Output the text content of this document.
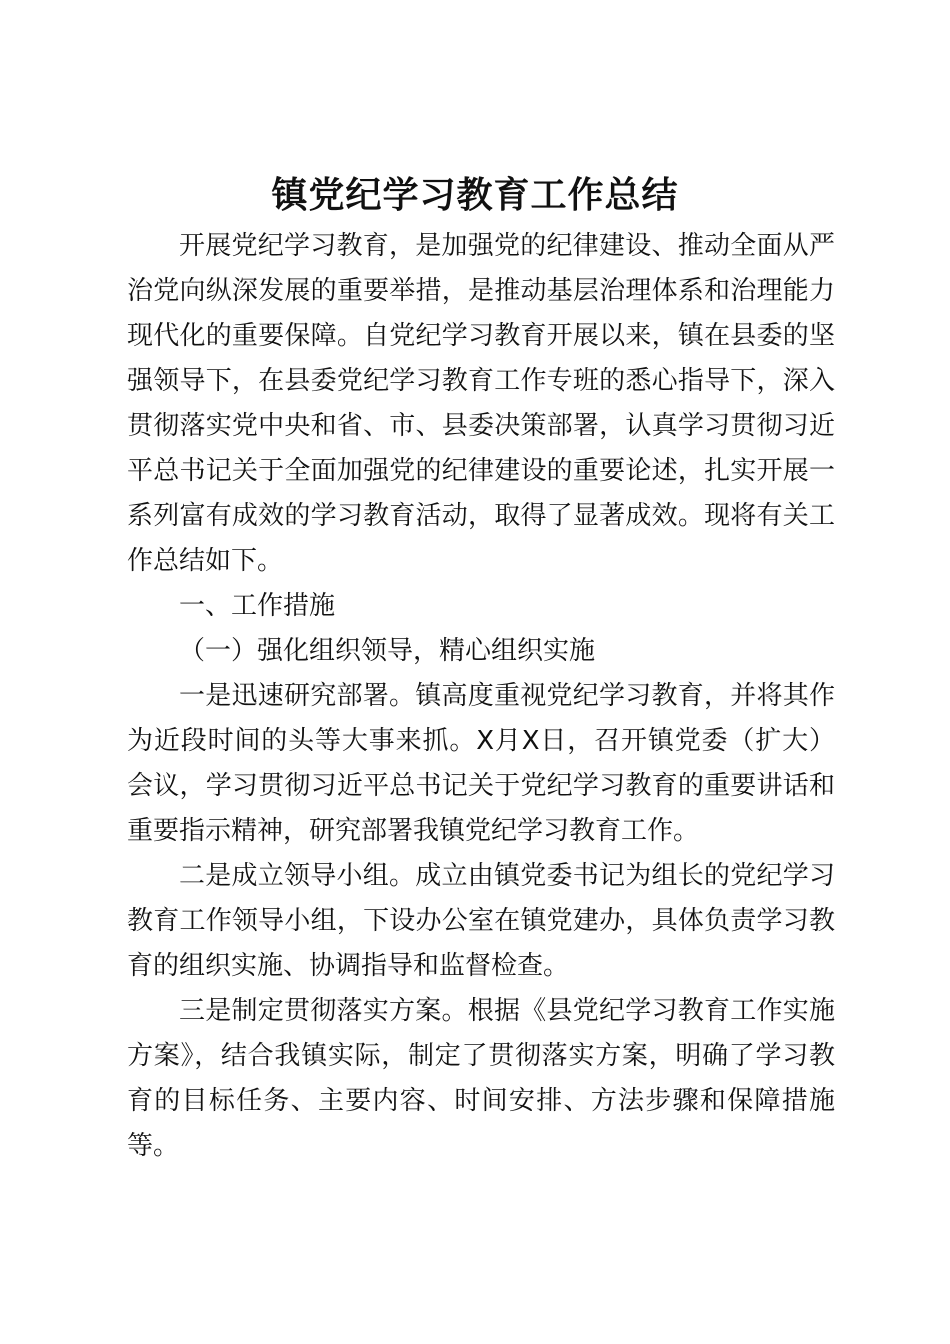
镇党纪学习教育工作总结

开展党纪学习教育，是加强党的纪律建设、推动全面从严治党向纵深发展的重要举措，是推动基层治理体系和治理能力现代化的重要保障。自党纪学习教育开展以来，镇在县委的坚强领导下，在县委党纪学习教育工作专班的悉心指导下，深入贯彻落实党中央和省、市、县委决策部署，认真学习贯彻习近平总书记关于全面加强党的纪律建设的重要论述，扎实开展一系列富有成效的学习教育活动，取得了显著成效。现将有关工作总结如下。

一、工作措施

（一）强化组织领导，精心组织实施

一是迅速研究部署。镇高度重视党纪学习教育，并将其作为近段时间的头等大事来抓。X月X日，召开镇党委（扩大）会议，学习贯彻习近平总书记关于党纪学习教育的重要讲话和重要指示精神，研究部署我镇党纪学习教育工作。

二是成立领导小组。成立由镇党委书记为组长的党纪学习教育工作领导小组，下设办公室在镇党建办，具体负责学习教育的组织实施、协调指导和监督检查。

三是制定贯彻落实方案。根据《县党纪学习教育工作实施方案》，结合我镇实际，制定了贯彻落实方案，明确了学习教育的目标任务、主要内容、时间安排、方法步骤和保障措施等。
